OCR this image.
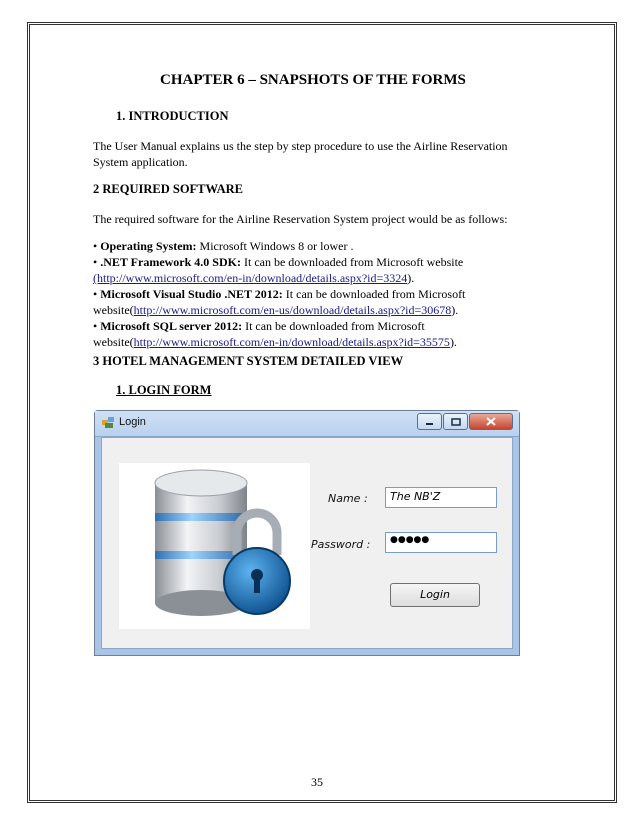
CHAPTER 6 – SNAPSHOTS OF THE FORMS
1. INTRODUCTION
The User Manual explains us the step by step procedure to use the Airline Reservation
System application.
2 REQUIRED SOFTWARE
The required software for the Airline Reservation System project would be as follows:
• Operating System: Microsoft Windows 8 or lower .
• .NET Framework 4.0 SDK: It can be downloaded from Microsoft website
(http://www.microsoft.com/en-in/download/details.aspx?id=3324).
• Microsoft Visual Studio .NET 2012: It can be downloaded from Microsoft
website(http://www.microsoft.com/en-us/download/details.aspx?id=30678).
• Microsoft SQL server 2012: It can be downloaded from Microsoft
website(http://www.microsoft.com/en-in/download/details.aspx?id=35575).
3 HOTEL MANAGEMENT SYSTEM DETAILED VIEW
1. LOGIN FORM
Login
Name :	The NB'Z
Password :	●●●●●
Login
35
